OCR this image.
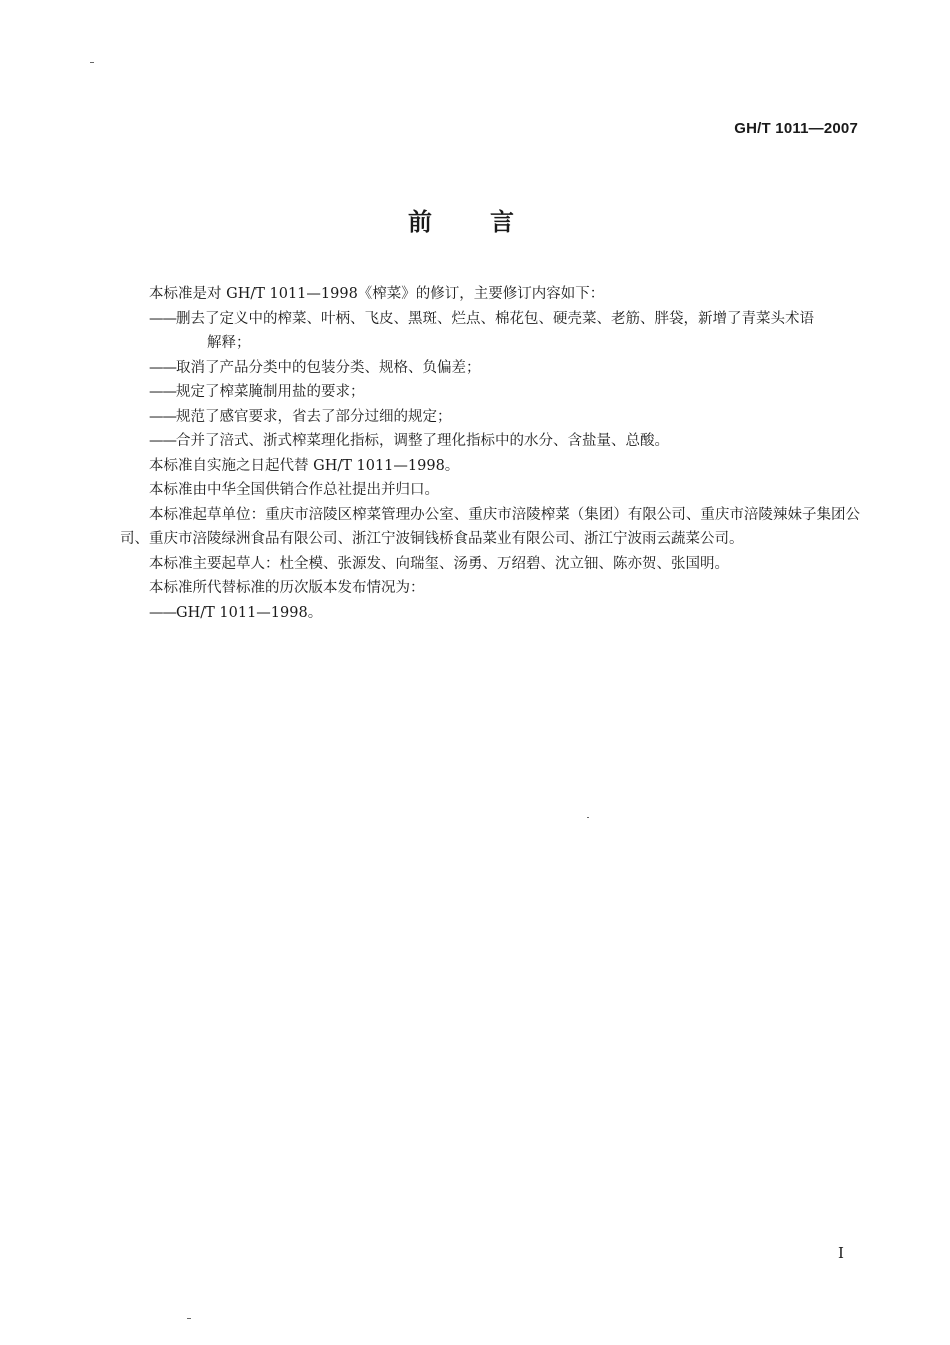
GH/T 1011—2007
前言

本标准是对 GH/T 1011—1998《榨菜》的修订，主要修订内容如下：

——删去了定义中的榨菜、叶柄、飞皮、黑斑、烂点、棉花包、硬壳菜、老筋、胖袋，新增了青菜头术语
解释；

——取消了产品分类中的包装分类、规格、负偏差；

——规定了榨菜腌制用盐的要求；

——规范了感官要求，省去了部分过细的规定；

——合并了涪式、浙式榨菜理化指标，调整了理化指标中的水分、含盐量、总酸。

本标准自实施之日起代替 GH/T 1011—1998。

本标准由中华全国供销合作总社提出并归口。

本标准起草单位：重庆市涪陵区榨菜管理办公室、重庆市涪陵榨菜（集团）有限公司、重庆市涪陵辣妹子集团公司、重庆市涪陵绿洲食品有限公司、浙江宁波铜钱桥食品菜业有限公司、浙江宁波雨云蔬菜公司。

本标准主要起草人：杜全模、张源发、向瑞玺、汤勇、万绍碧、沈立钿、陈亦贺、张国明。

本标准所代替标准的历次版本发布情况为：

——GH/T 1011—1998。

I
